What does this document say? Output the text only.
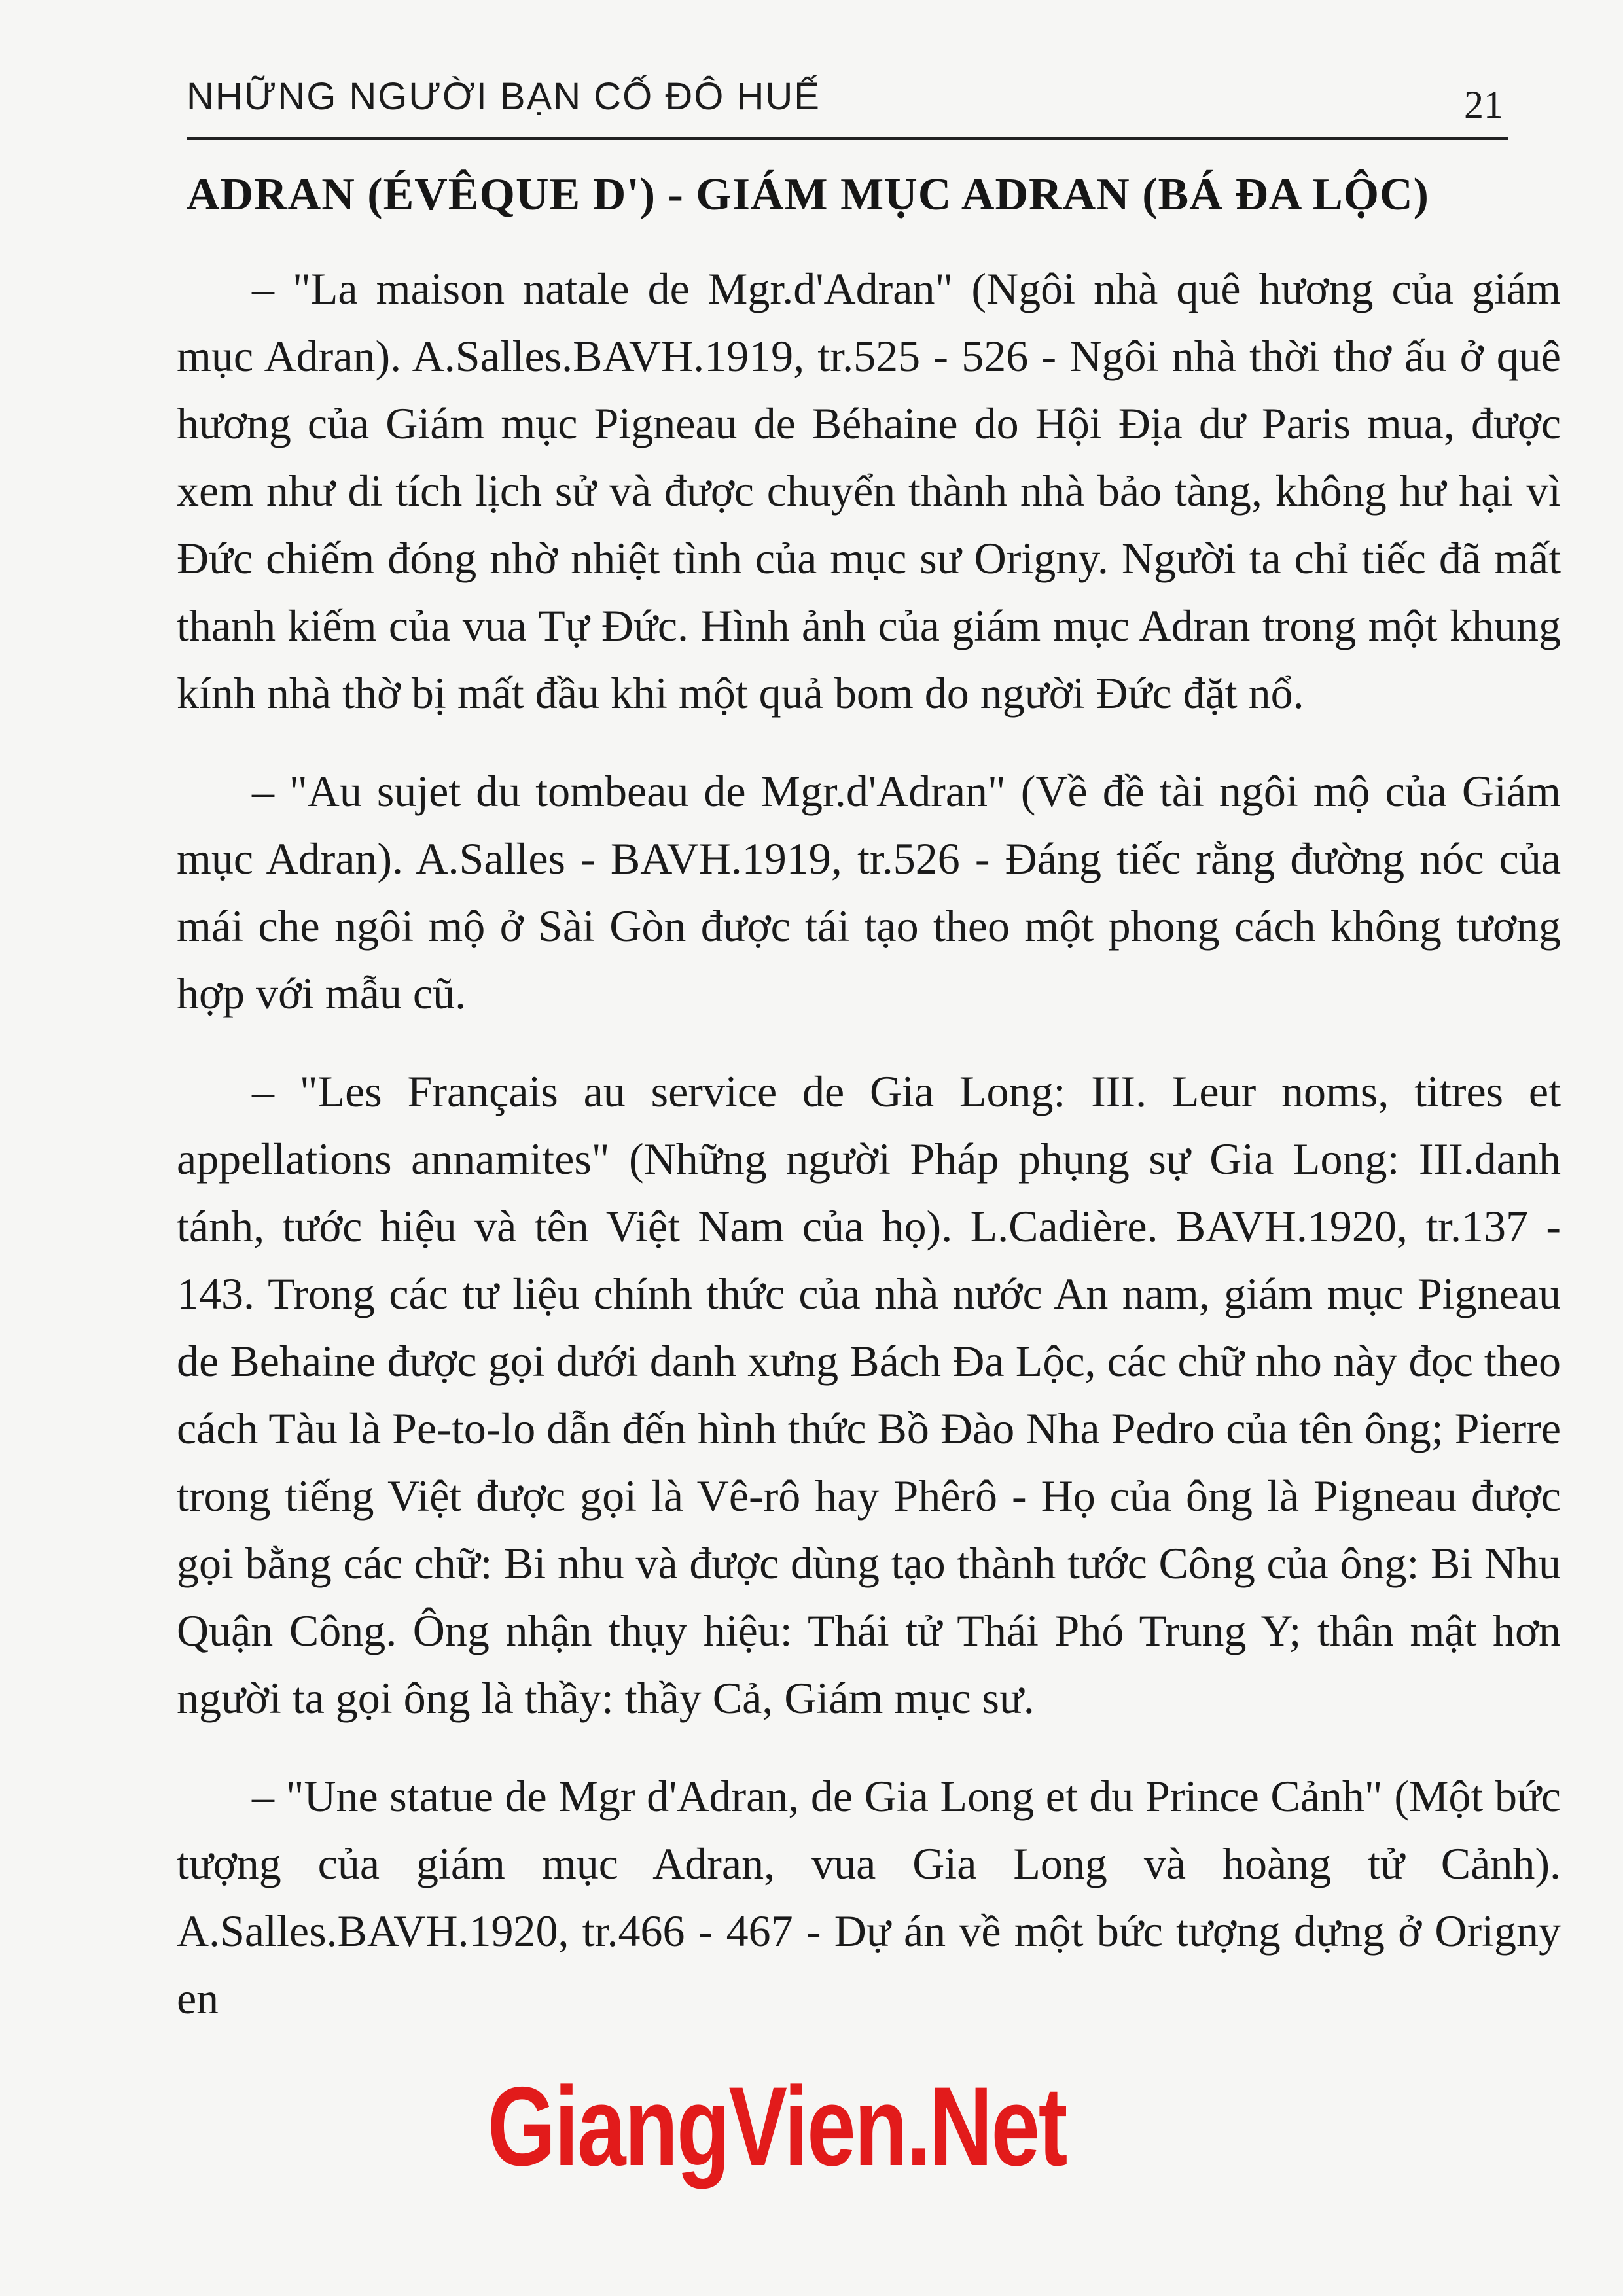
NHỮNG NGƯỜI BẠN CỐ ĐÔ HUẾ	21
ADRAN (ÉVÊQUE D') - GIÁM MỤC ADRAN (BÁ ĐA LỘC)

– "La maison natale de Mgr.d'Adran" (Ngôi nhà quê hương của giám mục Adran). A.Salles.BAVH.1919, tr.525 - 526 - Ngôi nhà thời thơ ấu ở quê hương của Giám mục Pigneau de Béhaine do Hội Địa dư Paris mua, được xem như di tích lịch sử và được chuyển thành nhà bảo tàng, không hư hại vì Đức chiếm đóng nhờ nhiệt tình của mục sư Origny. Người ta chỉ tiếc đã mất thanh kiếm của vua Tự Đức. Hình ảnh của giám mục Adran trong một khung kính nhà thờ bị mất đầu khi một quả bom do người Đức đặt nổ.

– "Au sujet du tombeau de Mgr.d'Adran" (Về đề tài ngôi mộ của Giám mục Adran). A.Salles - BAVH.1919, tr.526 - Đáng tiếc rằng đường nóc của mái che ngôi mộ ở Sài Gòn được tái tạo theo một phong cách không tương hợp với mẫu cũ.

– "Les Français au service de Gia Long: III. Leur noms, titres et appellations annamites" (Những người Pháp phụng sự Gia Long: III.danh tánh, tước hiệu và tên Việt Nam của họ). L.Cadière. BAVH.1920, tr.137 - 143. Trong các tư liệu chính thức của nhà nước An nam, giám mục Pigneau de Behaine được gọi dưới danh xưng Bách Đa Lộc, các chữ nho này đọc theo cách Tàu là Pe-to-lo dẫn đến hình thức Bồ Đào Nha Pedro của tên ông; Pierre trong tiếng Việt được gọi là Vê-rô hay Phêrô - Họ của ông là Pigneau được gọi bằng các chữ: Bi nhu và được dùng tạo thành tước Công của ông: Bi Nhu Quận Công. Ông nhận thụy hiệu: Thái tử Thái Phó Trung Y; thân mật hơn người ta gọi ông là thầy: thầy Cả, Giám mục sư.

– "Une statue de Mgr d'Adran, de Gia Long et du Prince Cảnh" (Một bức tượng của giám mục Adran, vua Gia Long và hoàng tử Cảnh). A.Salles.BAVH.1920, tr.466 - 467 - Dự án về một bức tượng dựng ở Origny en

GiangVien.Net
